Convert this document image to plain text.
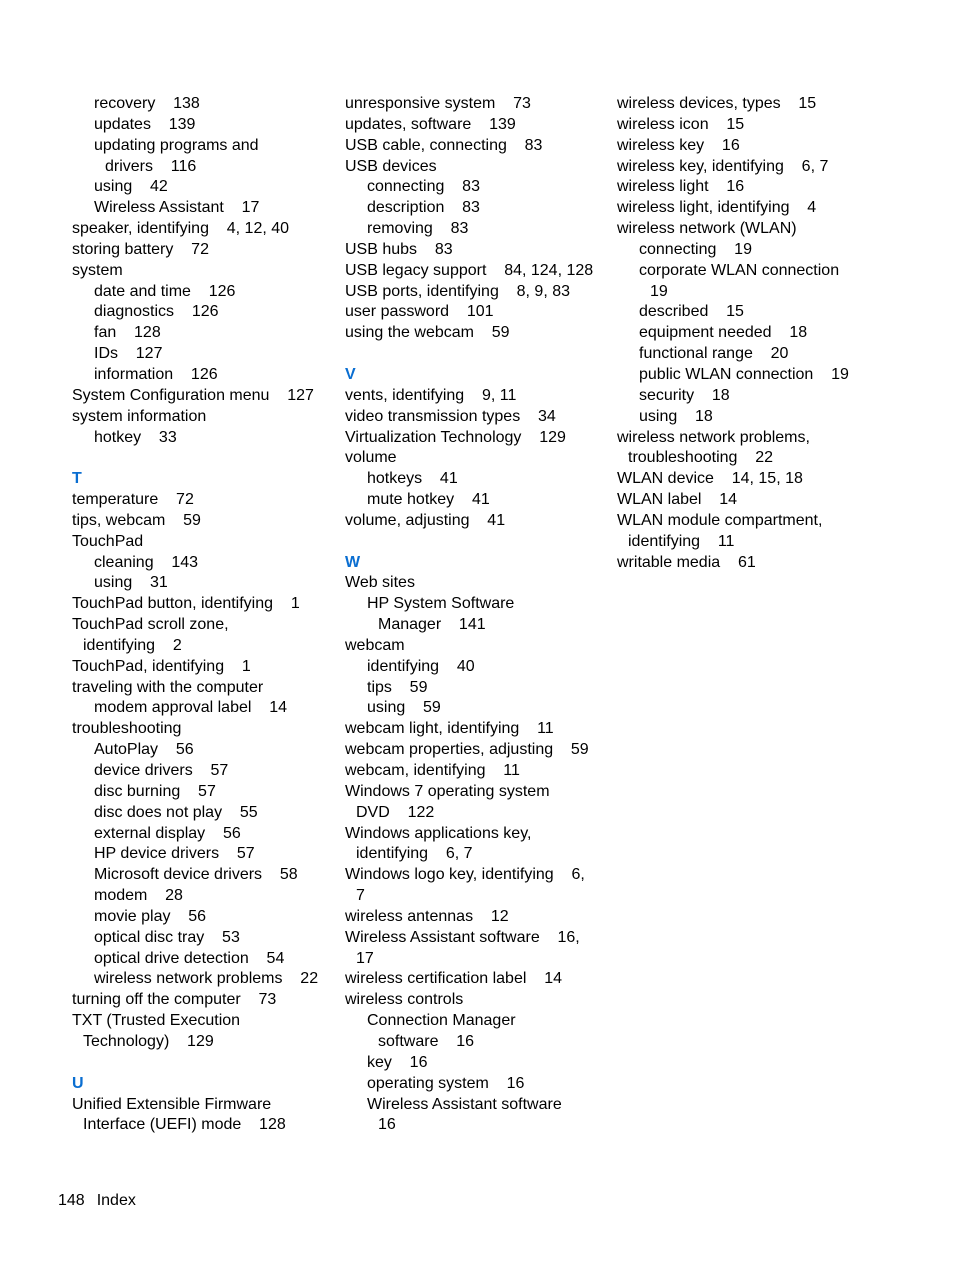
recovery    138
updates    139
updating programs and
drivers    116
using    42
Wireless Assistant    17
speaker, identifying    4, 12, 40
storing battery    72
system
date and time    126
diagnostics    126
fan    128
IDs    127
information    126
System Configuration menu    127
system information
hotkey    33
T
temperature    72
tips, webcam    59
TouchPad
cleaning    143
using    31
TouchPad button, identifying    1
TouchPad scroll zone,
identifying    2
TouchPad, identifying    1
traveling with the computer
modem approval label    14
troubleshooting
AutoPlay    56
device drivers    57
disc burning    57
disc does not play    55
external display    56
HP device drivers    57
Microsoft device drivers    58
modem    28
movie play    56
optical disc tray    53
optical drive detection    54
wireless network problems    22
turning off the computer    73
TXT (Trusted Execution
Technology)    129
U
Unified Extensible Firmware
Interface (UEFI) mode    128
unresponsive system    73
updates, software    139
USB cable, connecting    83
USB devices
connecting    83
description    83
removing    83
USB hubs    83
USB legacy support    84, 124, 128
USB ports, identifying    8, 9, 83
user password    101
using the webcam    59
V
vents, identifying    9, 11
video transmission types    34
Virtualization Technology    129
volume
hotkeys    41
mute hotkey    41
volume, adjusting    41
W
Web sites
HP System Software
Manager    141
webcam
identifying    40
tips    59
using    59
webcam light, identifying    11
webcam properties, adjusting    59
webcam, identifying    11
Windows 7 operating system
DVD    122
Windows applications key,
identifying    6, 7
Windows logo key, identifying    6,
7
wireless antennas    12
Wireless Assistant software    16,
17
wireless certification label    14
wireless controls
Connection Manager
software    16
key    16
operating system    16
Wireless Assistant software
16
wireless devices, types    15
wireless icon    15
wireless key    16
wireless key, identifying    6, 7
wireless light    16
wireless light, identifying    4
wireless network (WLAN)
connecting    19
corporate WLAN connection
19
described    15
equipment needed    18
functional range    20
public WLAN connection    19
security    18
using    18
wireless network problems,
troubleshooting    22
WLAN device    14, 15, 18
WLAN label    14
WLAN module compartment,
identifying    11
writable media    61
148 Index
